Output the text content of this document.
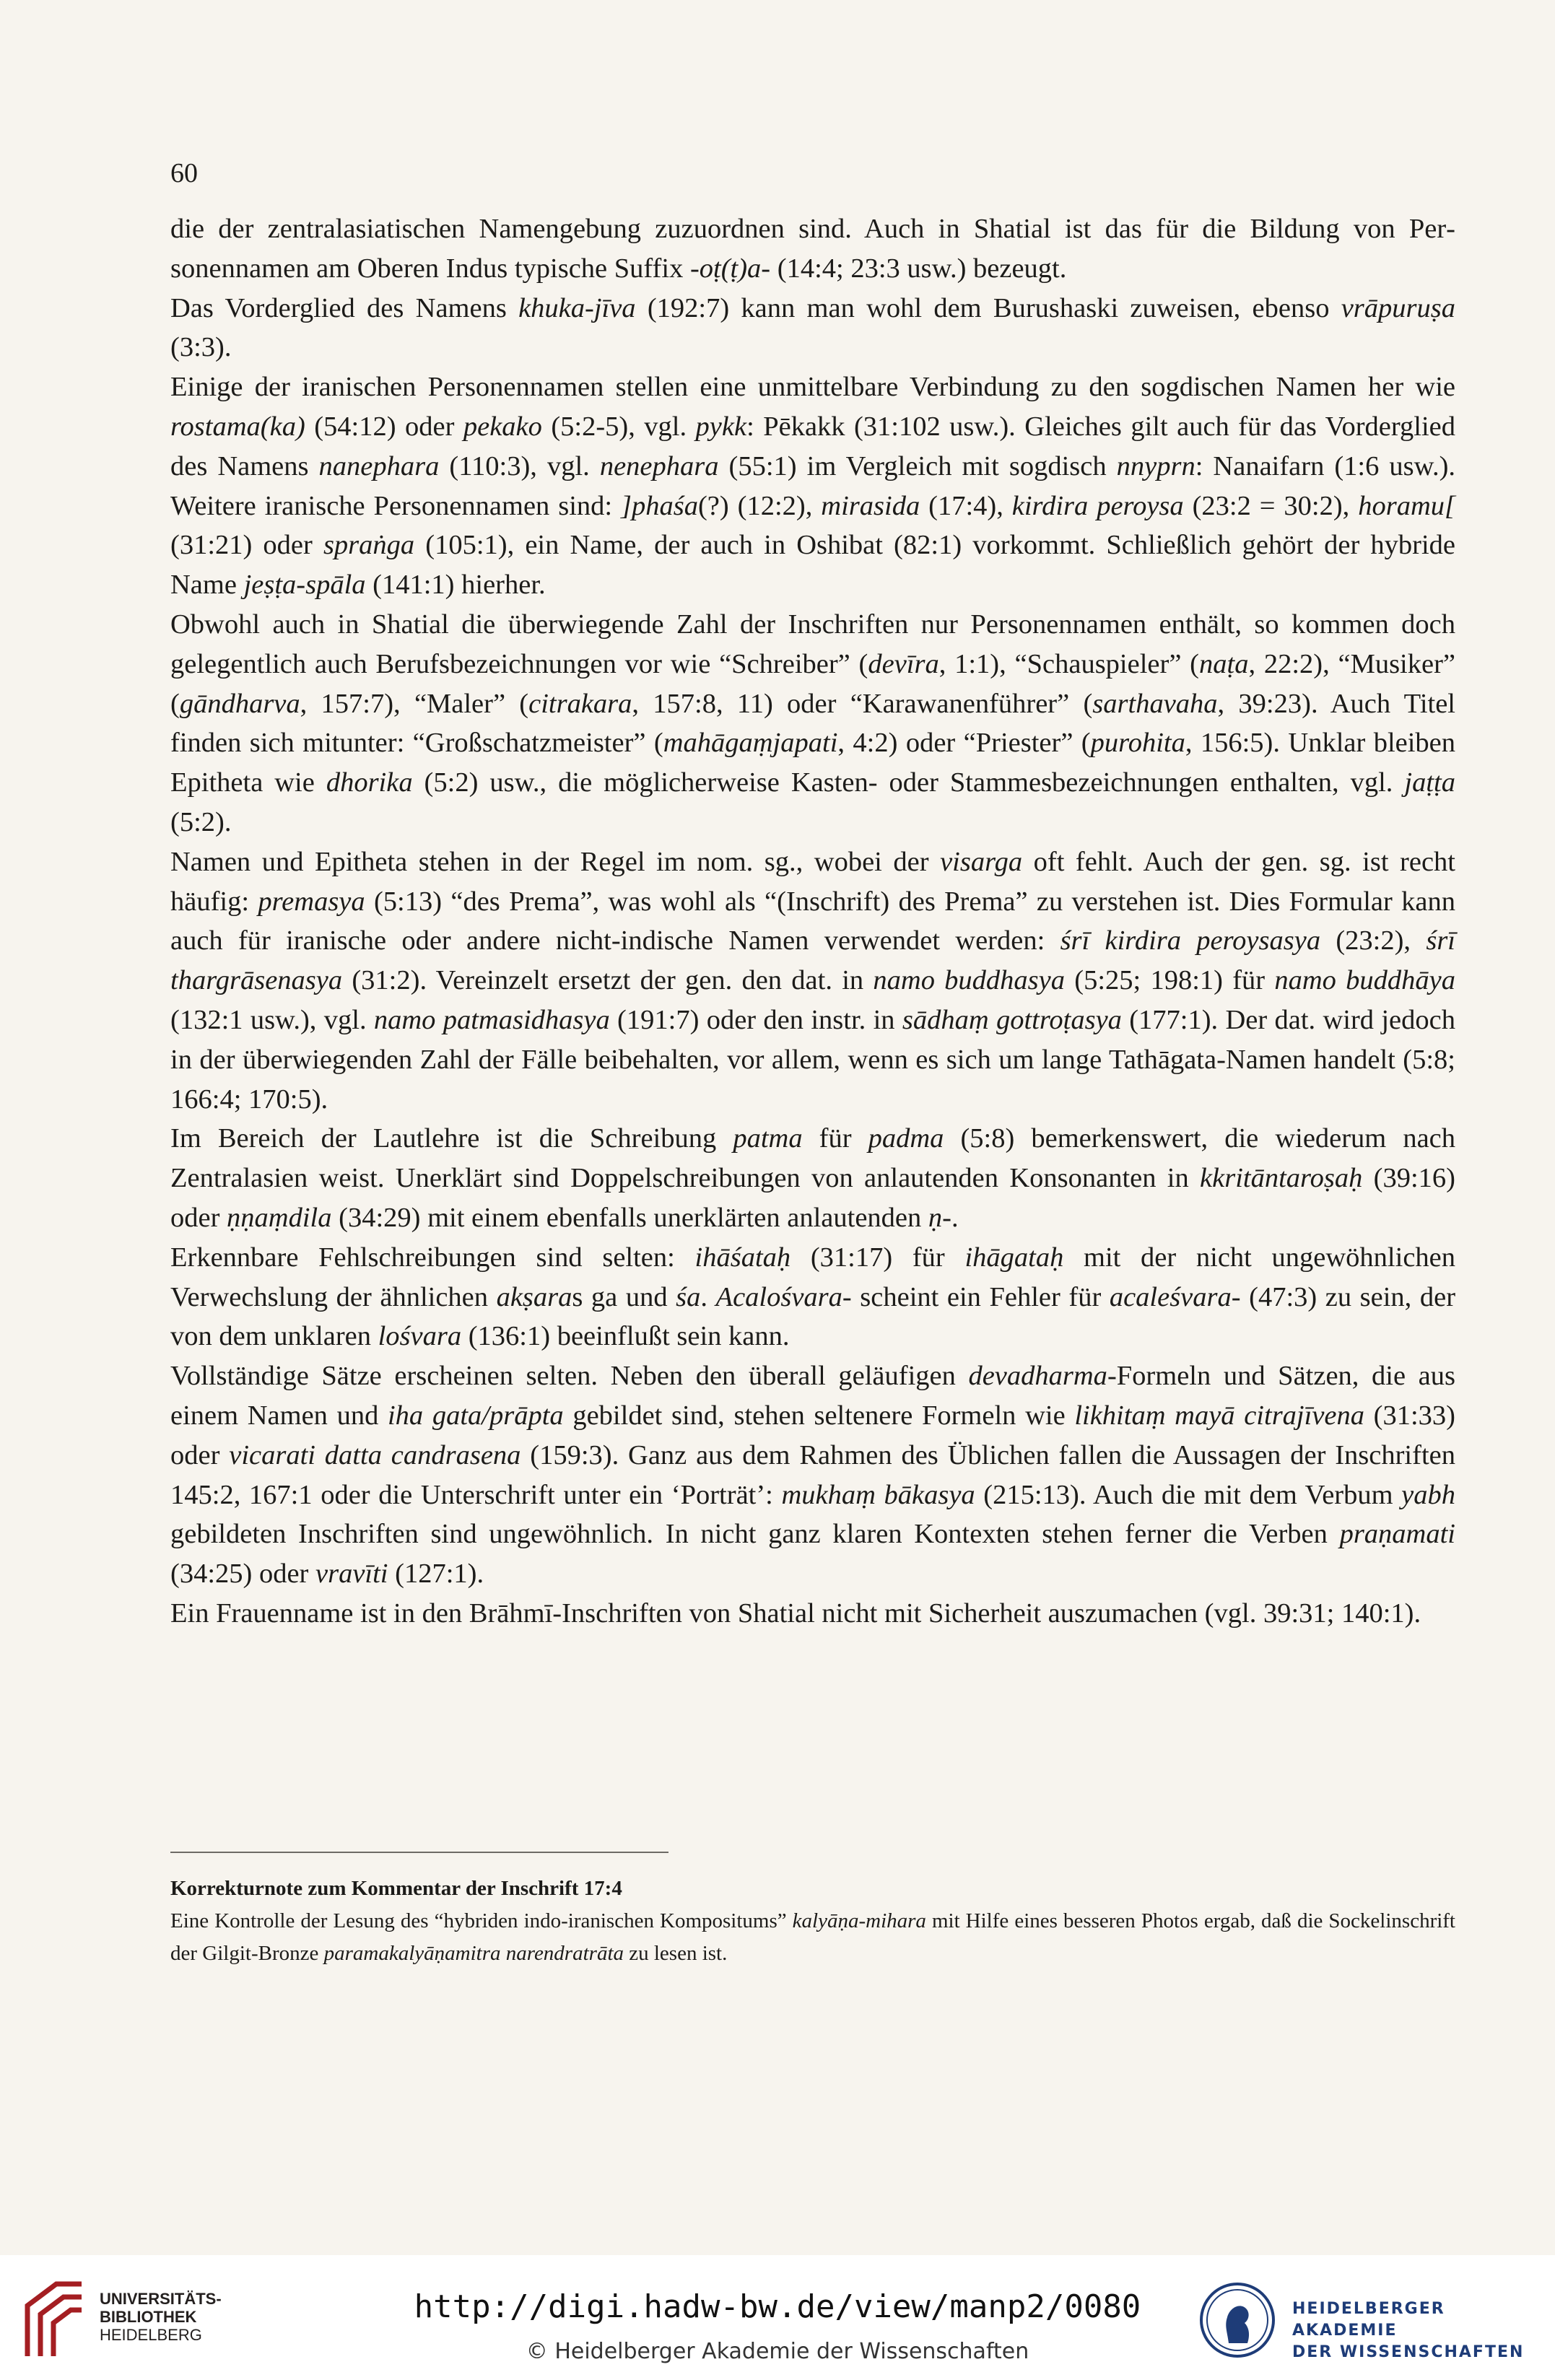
60

die der zentralasiatischen Namengebung zuzuordnen sind. Auch in Shatial ist das für die Bildung von Personennamen am Oberen Indus typische Suffix -oṭ(ṭ)a- (14:4; 23:3 usw.) bezeugt.

Das Vorderglied des Namens khuka-jīva (192:7) kann man wohl dem Burushaski zuweisen, ebenso vrāpuruṣa (3:3).

Einige der iranischen Personennamen stellen eine unmittelbare Verbindung zu den sogdischen Namen her wie rostama(ka) (54:12) oder pekako (5:2-5), vgl. pykk: Pēkakk (31:102 usw.). Gleiches gilt auch für das Vorderglied des Namens nanephara (110:3), vgl. nenephara (55:1) im Vergleich mit sogdisch nnyprn: Nanaifarn (1:6 usw.). Weitere iranische Personennamen sind: ]phaśa(?) (12:2), mirasida (17:4), kirdira peroysa (23:2 = 30:2), horamu[ (31:21) oder spraṅga (105:1), ein Name, der auch in Oshibat (82:1) vorkommt. Schließlich gehört der hybride Name jeṣṭa-spāla (141:1) hierher.

Obwohl auch in Shatial die überwiegende Zahl der Inschriften nur Personennamen enthält, so kommen doch gelegentlich auch Berufsbezeichnungen vor wie “Schreiber” (devīra, 1:1), “Schauspieler” (naṭa, 22:2), “Musiker” (gāndharva, 157:7), “Maler” (citrakara, 157:8, 11) oder “Karawanenführer” (sarthavaha, 39:23). Auch Titel finden sich mitunter: “Großschatzmeister” (mahāgaṃjapati, 4:2) oder “Priester” (purohita, 156:5). Unklar bleiben Epitheta wie dhorika (5:2) usw., die möglicherweise Kasten- oder Stammesbezeichnungen enthalten, vgl. jaṭṭa (5:2).

Namen und Epitheta stehen in der Regel im nom. sg., wobei der visarga oft fehlt. Auch der gen. sg. ist recht häufig: premasya (5:13) “des Prema”, was wohl als “(Inschrift) des Prema” zu verstehen ist. Dies Formular kann auch für iranische oder andere nicht-indische Namen verwendet werden: śrī kirdira peroysasya (23:2), śrī thargrāsenasya (31:2). Vereinzelt ersetzt der gen. den dat. in namo buddhasya (5:25; 198:1) für namo buddhāya (132:1 usw.), vgl. namo patmasidhasya (191:7) oder den instr. in sādhaṃ gottroṭasya (177:1). Der dat. wird jedoch in der überwiegenden Zahl der Fälle beibehalten, vor allem, wenn es sich um lange Tathāgata-Namen handelt (5:8; 166:4; 170:5).

Im Bereich der Lautlehre ist die Schreibung patma für padma (5:8) bemerkenswert, die wiederum nach Zentralasien weist. Unerklärt sind Doppelschreibungen von anlautenden Konsonanten in kkritāntaroṣaḥ (39:16) oder ṇṇaṃdila (34:29) mit einem ebenfalls unerklärten anlautenden ṇ-.

Erkennbare Fehlschreibungen sind selten: ihāśataḥ (31:17) für ihāgataḥ mit der nicht ungewöhnlichen Verwechslung der ähnlichen akṣaras ga und śa. Acalośvara- scheint ein Fehler für acaleśvara- (47:3) zu sein, der von dem unklaren lośvara (136:1) beeinflußt sein kann.

Vollständige Sätze erscheinen selten. Neben den überall geläufigen devadharma-Formeln und Sätzen, die aus einem Namen und iha gata/prāpta gebildet sind, stehen seltenere Formeln wie likhitaṃ mayā citrajīvena (31:33) oder vicarati datta candrasena (159:3). Ganz aus dem Rahmen des Üblichen fallen die Aussagen der Inschriften 145:2, 167:1 oder die Unterschrift unter ein ‘Porträt’: mukhaṃ bākasya (215:13). Auch die mit dem Verbum yabh gebildeten Inschriften sind ungewöhnlich. In nicht ganz klaren Kontexten stehen ferner die Verben praṇamati (34:25) oder vravīti (127:1).

Ein Frauenname ist in den Brāhmī-Inschriften von Shatial nicht mit Sicherheit auszumachen (vgl. 39:31; 140:1).

Korrekturnote zum Kommentar der Inschrift 17:4

Eine Kontrolle der Lesung des “hybriden indo-iranischen Kompositums” kalyāṇa-mihara mit Hilfe eines besseren Photos ergab, daß die Sockelinschrift der Gilgit-Bronze paramakalyāṇamitra narendratrāta zu lesen ist.

UNIVERSITÄTS-
BIBLIOTHEK
HEIDELBERG
http://digi.hadw-bw.de/view/manp2/0080
© Heidelberger Akademie der Wissenschaften
HEIDELBERGER AKADEMIE
DER WISSENSCHAFTEN
